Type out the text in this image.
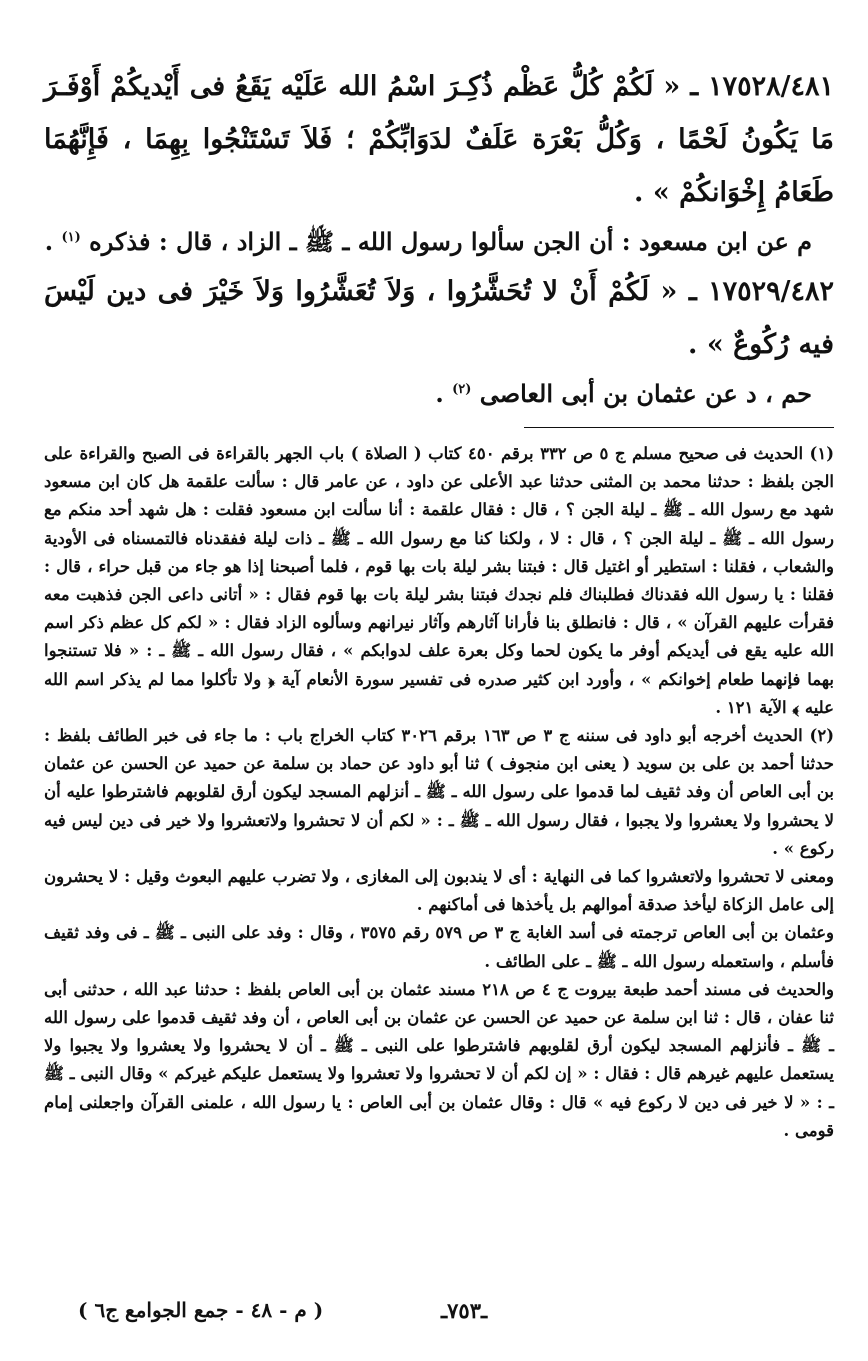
١٧٥٢٨/٤٨١ ـ « لَكُمْ كُلُّ عَظْم ذُكِـرَ اسْمُ الله عَلَيْه يَقَعُ فى أَيْديكُمْ أَوْفَـرَ مَا يَكُونُ لَحْمًا ، وَكُلُّ بَعْرَة عَلَفٌ لدَوَابِّكُمْ ؛ فَلاَ تَسْتَنْجُوا بِهِمَا ، فَإِنَّهُمَا طَعَامُ إِخْوَانكُمْ » .

م عن ابن مسعود : أن الجن سألوا رسول الله ـ ﷺ ـ الزاد ، قال : فذكره $^{(١)}$ .

١٧٥٢٩/٤٨٢ ـ « لَكُمْ أَنْ لا تُحَشَّرُوا ، وَلاَ تُعَشَّرُوا وَلاَ خَيْرَ فى دين لَيْسَ فيه رُكُوعٌ » .

حم ، د عن عثمان بن أبى العاصى $^{(٢)}$ .

(١) الحديث فى صحيح مسلم ج ٥ ص ٣٣٢ برقم ٤٥٠ كتاب ( الصلاة ) باب الجهر بالقراءة فى الصبح والقراءة على الجن بلفظ : حدثنا محمد بن المثنى حدثنا عبد الأعلى عن داود ، عن عامر قال : سألت علقمة هل كان ابن مسعود شهد مع رسول الله ـ ﷺ ـ ليلة الجن ؟ ، قال : فقال علقمة : أنا سألت ابن مسعود فقلت : هل شهد أحد منكم مع رسول الله ـ ﷺ ـ ليلة الجن ؟ ، قال : لا ، ولكنا كنا مع رسول الله ـ ﷺ ـ ذات ليلة ففقدناه فالتمسناه فى الأودية والشعاب ، فقلنا : استطير أو اغتيل قال : فبتنا بشر ليلة بات بها قوم ، فلما أصبحنا إذا هو جاء من قبل حراء ، قال : فقلنا : يا رسول الله فقدناك فطلبناك فلم نجدك فبتنا بشر ليلة بات بها قوم فقال : « أتانى داعى الجن فذهبت معه فقرأت عليهم القرآن » ، قال : فانطلق بنا فأرانا آثارهم وآثار نيرانهم وسألوه الزاد فقال : « لكم كل عظم ذكر اسم الله عليه يقع فى أيديكم أوفر ما يكون لحما وكل بعرة علف لدوابكم » ، فقال رسول الله ـ ﷺ ـ : « فلا تستنجوا بهما فإنهما طعام إخوانكم » ، وأورد ابن كثير صدره فى تفسير سورة الأنعام آية ﴿ ولا تأكلوا مما لم يذكر اسم الله عليه ﴾ الآية ١٢١ .

(٢) الحديث أخرجه أبو داود فى سننه ج ٣ ص ١٦٣ برقم ٣٠٢٦ كتاب الخراج باب : ما جاء فى خبر الطائف بلفظ : حدثنا أحمد بن على بن سويد ( يعنى ابن منجوف ) ثنا أبو داود عن حماد بن سلمة عن حميد عن الحسن عن عثمان بن أبى العاص أن وفد ثقيف لما قدموا على رسول الله ـ ﷺ ـ أنزلهم المسجد ليكون أرق لقلوبهم فاشترطوا عليه أن لا يحشروا ولا يعشروا ولا يجبوا ، فقال رسول الله ـ ﷺ ـ : « لكم أن لا تحشروا ولاتعشروا ولا خير فى دين ليس فيه ركوع » .

ومعنى لا تحشروا ولاتعشروا كما فى النهاية : أى لا يندبون إلى المغازى ، ولا تضرب عليهم البعوث وقيل : لا يحشرون إلى عامل الزكاة ليأخذ صدقة أموالهم بل يأخذها فى أماكنهم .

وعثمان بن أبى العاص ترجمته فى أسد الغابة ج ٣ ص ٥٧٩ رقم ٣٥٧٥ ، وقال : وفد على النبى ـ ﷺ ـ فى وفد ثقيف فأسلم ، واستعمله رسول الله ـ ﷺ ـ على الطائف .

والحديث فى مسند أحمد طبعة بيروت ج ٤ ص ٢١٨ مسند عثمان بن أبى العاص بلفظ : حدثنا عبد الله ، حدثنى أبى ثنا عفان ، قال : ثنا ابن سلمة عن حميد عن الحسن عن عثمان بن أبى العاص ، أن وفد ثقيف قدموا على رسول الله ـ ﷺ ـ فأنزلهم المسجد ليكون أرق لقلوبهم فاشترطوا على النبى ـ ﷺ ـ أن لا يحشروا ولا يعشروا ولا يجبوا ولا يستعمل عليهم غيرهم قال : فقال : « إن لكم أن لا تحشروا ولا تعشروا ولا يستعمل عليكم غيركم » وقال النبى ـ ﷺ ـ : « لا خير فى دين لا ركوع فيه » قال : وقال عثمان بن أبى العاص : يا رسول الله ، علمنى القرآن واجعلنى إمام قومى .

( م - ٤٨ - جمع الجوامع ج٦ )	ـ٧٥٣ـ
